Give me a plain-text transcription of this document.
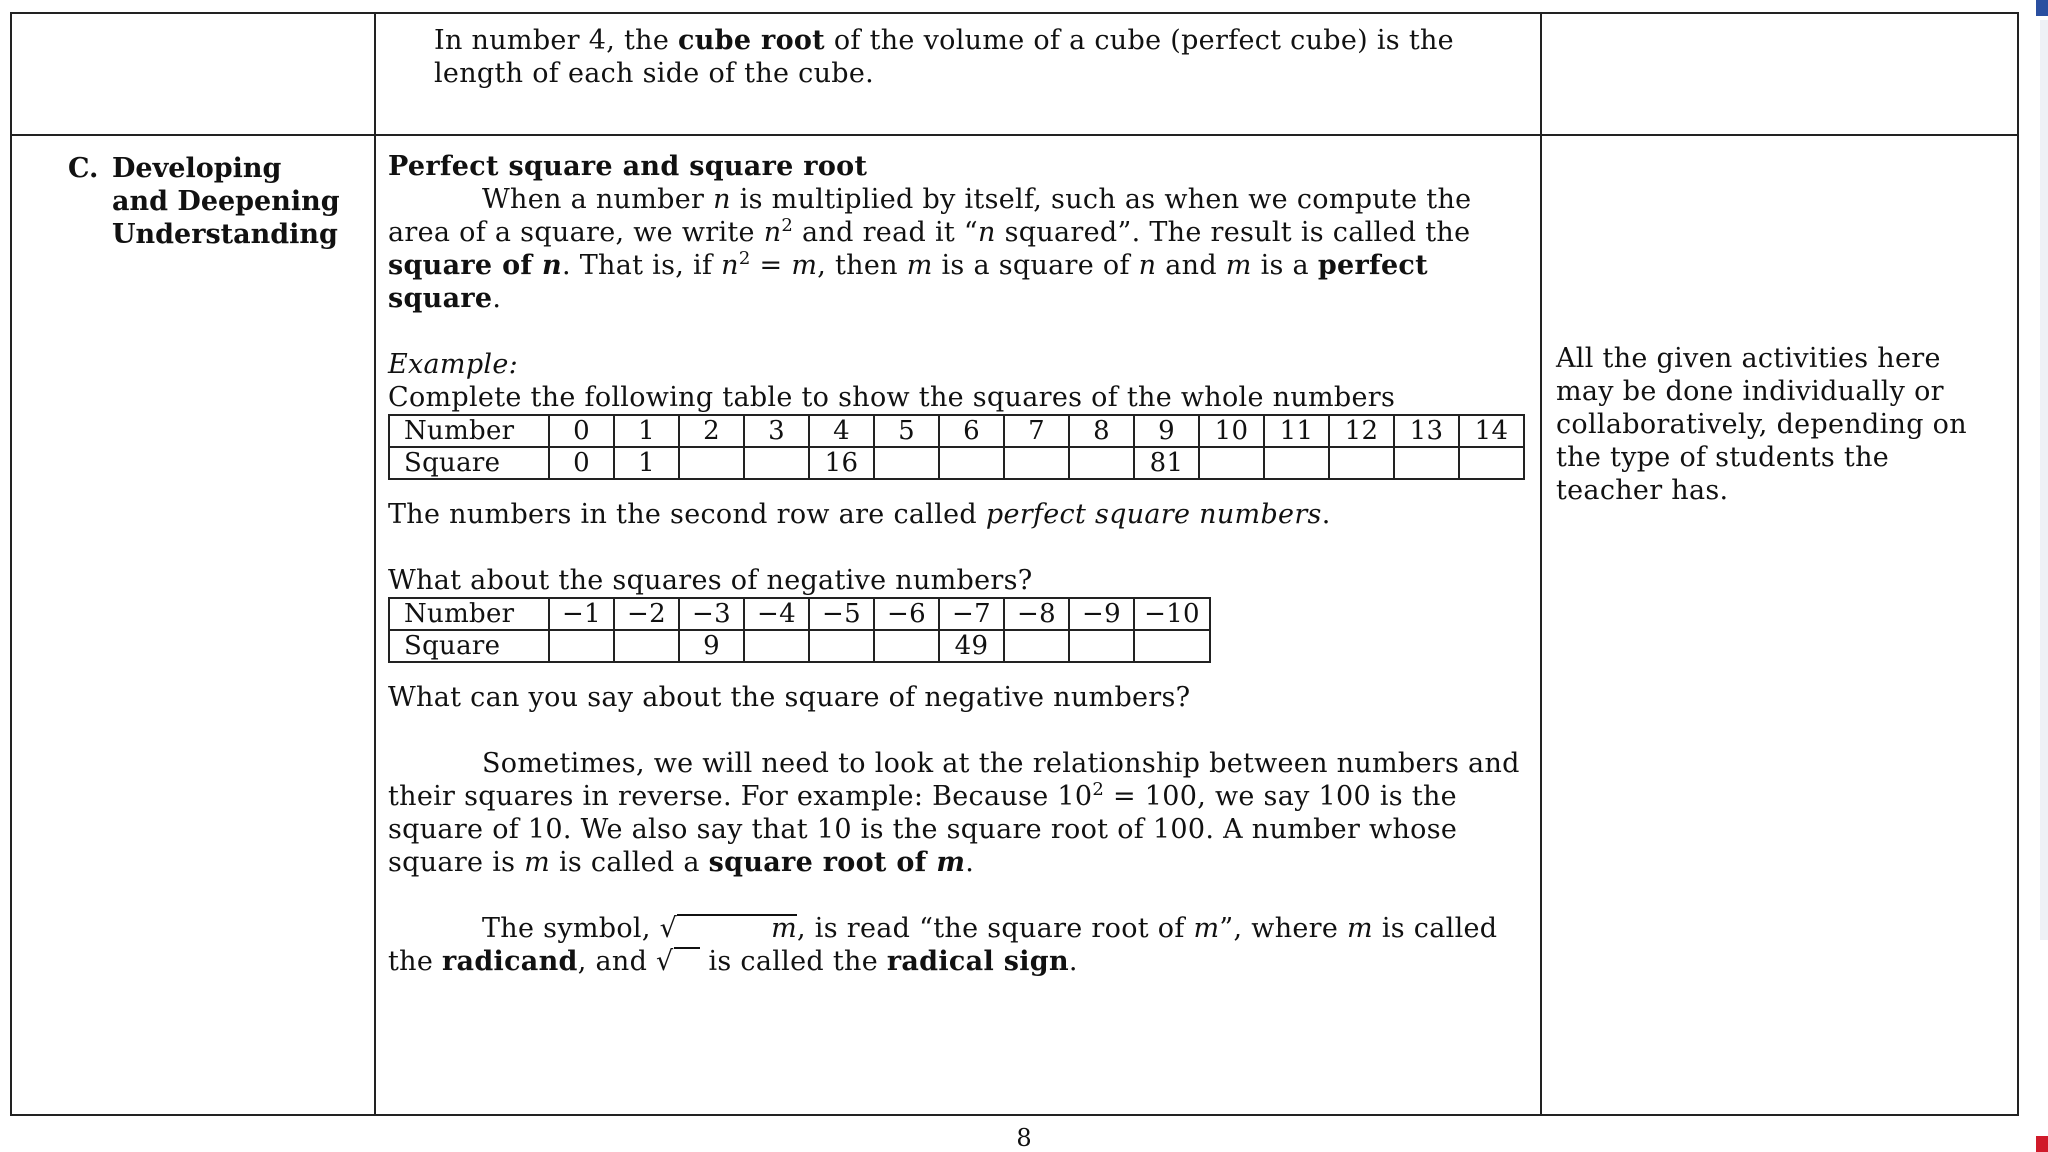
In number 4, the cube root of the volume of a cube (perfect cube) is the length of each side of the cube.

C. Developing
and Deepening
Understanding

Perfect square and square root
When a number n is multiplied by itself, such as when we compute the area of a square, we write $n^2$ and read it “n squared”. The result is called the square of n. That is, if $n^2 = m$, then m is a square of n and m is a perfect square.
Example:
Complete the following table to show the squares of the whole numbers
Number	0	1	2	3	4	5	6	7	8	9	10	11	12	13	14
Square	0	1			16					81					
The numbers in the second row are called perfect square numbers.
What about the squares of negative numbers?
Number	−1	−2	−3	−4	−5	−6	−7	−8	−9	−10
Square			9				49			
What can you say about the square of negative numbers?
Sometimes, we will need to look at the relationship between numbers and their squares in reverse. For example: Because $10^2 = 100$, we say 100 is the square of 10. We also say that 10 is the square root of 100. A number whose square is m is called a square root of m.
The symbol, √	m, is read “the square root of m”, where m is called the radicand, and √  is called the radical sign.

All the given activities here may be done individually or collaboratively, depending on the type of students the teacher has.
8
